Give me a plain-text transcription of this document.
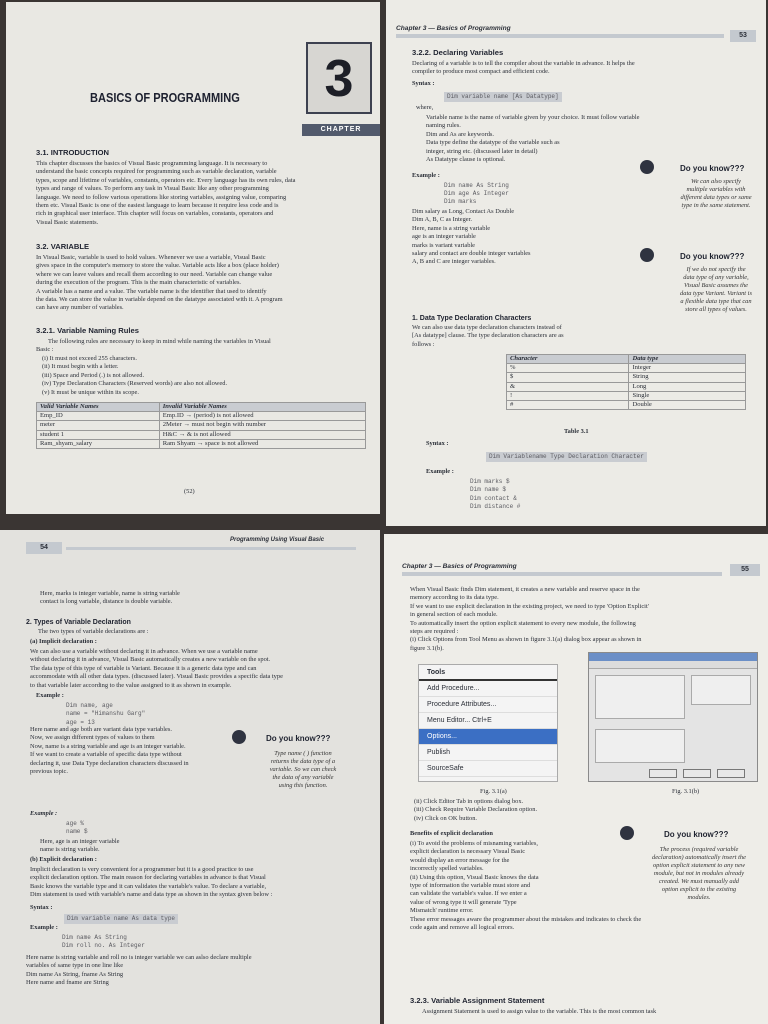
BASICS OF PROGRAMMING	3
CHAPTER
3.1. INTRODUCTION
This chapter discusses the basics of Visual Basic programming language. It is necessary to
understand the basic concepts required for programming such as variable declaration, variable
types, scope and lifetime of variables, constants, operators etc. Every language has its own rules, data
types and range of values. To perform any task in Visual Basic like any other programming
language. We need to follow various operations like storing variables, assigning value, comparing
them etc. Visual Basic is one of the easiest language to learn because it require less code and is
rich in graphical user interface. This chapter will focus on variables, constants, operators and
Visual Basic statements.
3.2. VARIABLE
In Visual Basic, variable is used to hold values. Whenever we use a variable, Visual Basic
gives space in the computer's memory to store the value. Variable acts like a box (place holder)
where we can leave values and recall them according to our need. Variable can change value
during the execution of the program. This is the main characteristic of variables.
A variable has a name and a value. The variable name is the identifier that used to identify
the data. We can store the value in variable depend on the datatype associated with it. A program
can have any number of variables.
3.2.1. Variable Naming Rules
The following rules are necessary to keep in mind while naming the variables in Visual
Basic :
(i) It must not exceed 255 characters.
(ii) It must begin with a letter.
(iii) Space and Period (.) is not allowed.
(iv) Type Declaration Characters (Reserved words) are also not allowed.
(v) It must be unique within its scope.
Valid Variable Names	Invalid Variable Names
Emp_ID	Emp.ID → (period) is not allowed
meter	2Meter → must not begin with number
student 1	H&C → & is not allowed
Ram_shyam_salary	Ram Shyam → space is not allowed
(52)
Chapter 3 — Basics of Programming
53
3.2.2. Declaring Variables
Declaring of a variable is to tell the compiler about the variable in advance. It helps the
compiler to produce most compact and efficient code.
Syntax :
Dim variable name [As Datatype]
where,
Variable name is the name of variable given by your choice. It must follow variable
naming rules.
Dim and As are keywords.
Data type define the datatype of the variable such as
integer, string etc. (discussed later in detail)
As Datatype clause is optional.
Example :
Dim name As String
Dim age As Integer
Dim marks
Dim salary as Long, Contact As Double
Dim A, B, C as Integer.
Here, name is a string variable
age is an integer variable
marks is variant variable
salary and contact are double integer variables
A, B and C are integer variables.
Do you know???
We can also specify
multiple variables with
different data types or same
type in the same statement.
Do you know???
If we do not specify the
data type of any variable,
Visual Basic assumes the
data type Variant. Variant is
a flexible data type that can
store all types of values.
1. Data Type Declaration Characters
We can also use data type declaration characters instead of
[As datatype] clause. The type declaration characters are as
follows :
Character	Data type
%	Integer
$	String
&	Long
!	Single
#	Double
Table 3.1
Syntax :
Dim Variablename Type Declaration Character
Example :
Dim marks $
Dim name $
Dim contact &
Dim distance #
54
Programming Using Visual Basic
Here, marks is integer variable, name is string variable
contact is long variable, distance is double variable.
2. Types of Variable Declaration
The two types of variable declarations are :
(a) Implicit declaration :
We can also use a variable without declaring it in advance. When we use a variable name
without declaring it in advance, Visual Basic automatically creates a new variable on the spot.
The data type of this type of variable is Variant. Because it is a generic data type and can
accommodate with all other data types. (discussed later). Visual Basic provides a specific data type
to that variable later according to the value assigned to it as shown in example.
Example :
Dim name, age
name = "Himanshu Garg"
age = 13
Here name and age both are variant data type variables.
Now, we assign different types of values to them
Now, name is a string variable and age is an integer variable.
If we want to create a variable of specific data type without
declaring it, use Data Type declaration characters discussed in
previous topic.
Do you know???
Type name ( ) function
returns the data type of a
variable. So we can check
the data of any variable
using this function.
Example :
age %
name $
Here, age is an integer variable
name is string variable.
(b) Explicit declaration :
Implicit declaration is very convenient for a programmer but it is a good practice to use
explicit declaration option. The main reason for declaring variables in advance is that Visual
Basic knows the variable type and it can validates the variable's value. To declare a variable,
Dim statement is used with variable's name and data type as shown in the syntax given below :
Syntax :
Dim variable name As data type
Example :
Dim name As String
Dim roll no. As Integer
Here name is string variable and roll no is integer variable we can aslso declare multiple
variables of same type in one line like
Dim name As String, fname As String
Here name and fname are String
Chapter 3 — Basics of Programming	55
When Visual Basic finds Dim statement, it creates a new variable and reserve space in the
memory according to its data type.
If we want to use explicit declaration in the existing project, we need to type 'Option Explicit'
in general section of each module.
To automatically insert the option explicit statement to every new module, the following
steps are required :
(i) Click Options from Tool Menu as shown in figure 3.1(a) dialog box appear as shown in
figure 3.1(b).
Tools
Add Procedure...
Procedure Attributes...
Menu Editor... Ctrl+E
Options...
Publish
SourceSafe
Fig. 3.1(a)	Fig. 3.1(b)
(ii) Click Editor Tab in options dialog box.
(iii) Check Require Variable Declaration option.
(iv) Click on OK button.
Benefits of explicit declaration
(i) To avoid the problems of misnaming variables,
explicit declaration is necessary Visual Basic
would display an error message for the
incorrectly spelled variables.
(ii) Using this option, Visual Basic knows the data
type of information the variable must store and
can validate the variable's value. If we enter a
value of wrong type it will generate 'Type
Mismatch' runtime error.
These error messages aware the programmer about the mistakes and indicates to check the
code again and remove all logical errors.
Do you know???
The process (required variable
declaration) automatically insert the
option explicit statement to any new
module, but not in modules already
created. We must manually add
option explicit to the existing
modules.
3.2.3. Variable Assignment Statement
Assignment Statement is used to assign value to the variable. This is the most common task
